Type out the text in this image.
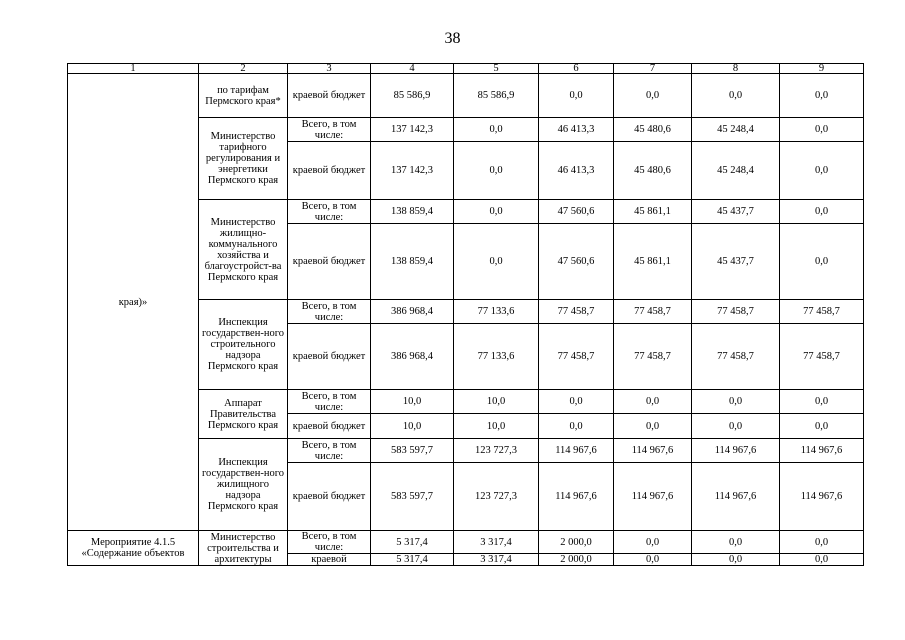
38
1	2	3	4	5	6	7	8	9
края)»	по тарифам Пермского края*	краевой бюджет	85 586,9	85 586,9	0,0	0,0	0,0	0,0
	Министерство тарифного регулирования и энергетики Пермского края	Всего, в том числе:	137 142,3	0,0	46 413,3	45 480,6	45 248,4	0,0
		краевой бюджет	137 142,3	0,0	46 413,3	45 480,6	45 248,4	0,0
	Министерство жилищно-коммунального хозяйства и благоустройст-ва Пермского края	Всего, в том числе:	138 859,4	0,0	47 560,6	45 861,1	45 437,7	0,0
		краевой бюджет	138 859,4	0,0	47 560,6	45 861,1	45 437,7	0,0
	Инспекция государствен-ного строительного надзора Пермского края	Всего, в том числе:	386 968,4	77 133,6	77 458,7	77 458,7	77 458,7	77 458,7
		краевой бюджет	386 968,4	77 133,6	77 458,7	77 458,7	77 458,7	77 458,7
	Аппарат Правительства Пермского края	Всего, в том числе:	10,0	10,0	0,0	0,0	0,0	0,0
		краевой бюджет	10,0	10,0	0,0	0,0	0,0	0,0
	Инспекция государствен-ного жилищного надзора Пермского края	Всего, в том числе:	583 597,7	123 727,3	114 967,6	114 967,6	114 967,6	114 967,6
		краевой бюджет	583 597,7	123 727,3	114 967,6	114 967,6	114 967,6	114 967,6
Мероприятие 4.1.5 «Содержание объектов	Министерство строительства и архитектуры	Всего, в том числе:	5 317,4	3 317,4	2 000,0	0,0	0,0	0,0
		краевой	5 317,4	3 317,4	2 000,0	0,0	0,0	0,0
